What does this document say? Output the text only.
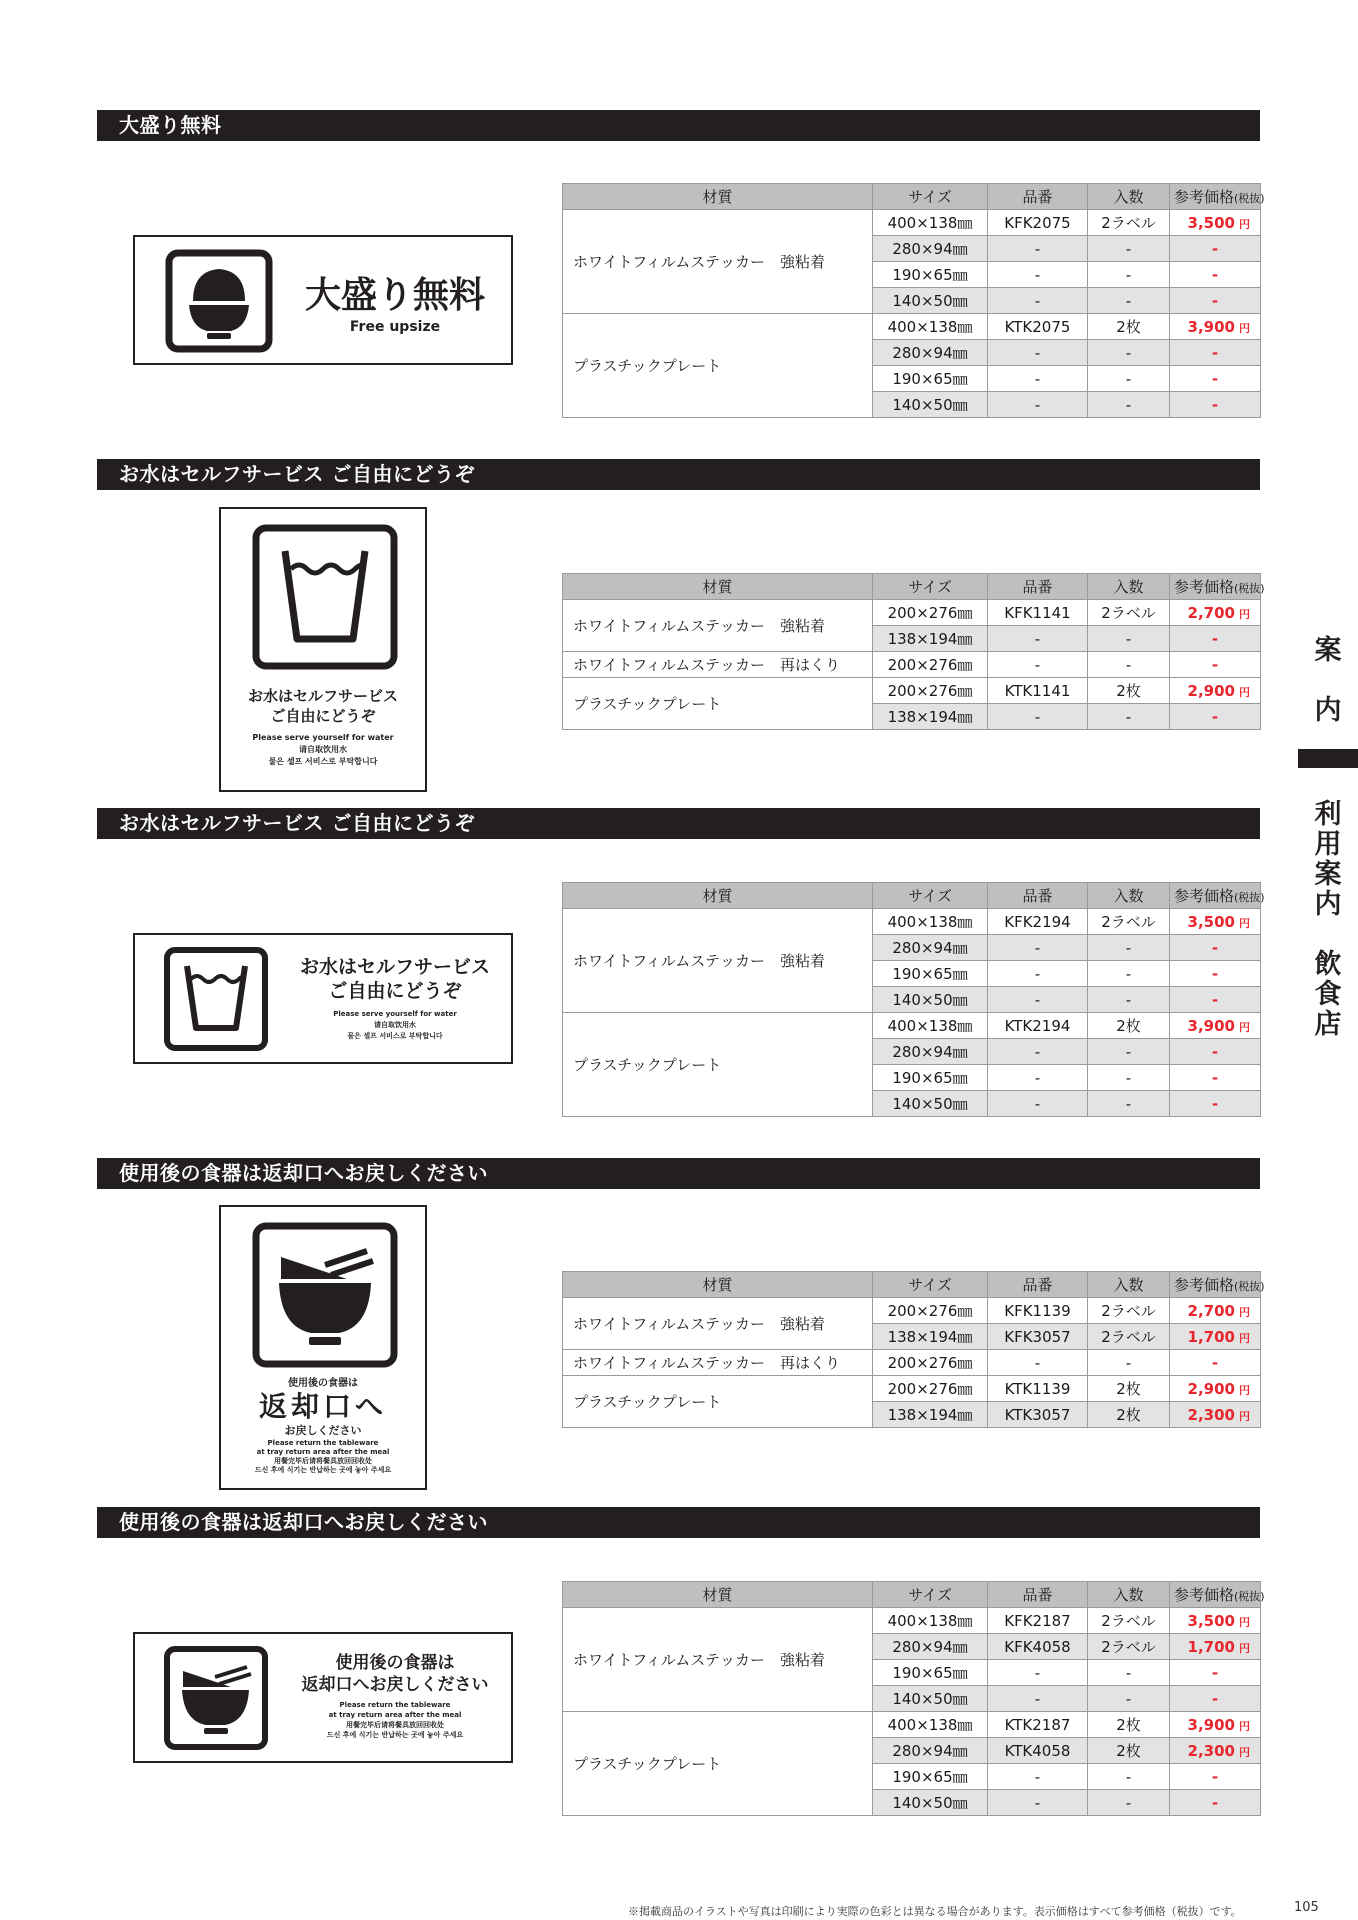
大盛り無料
お水はセルフサービス ご自由にどうぞ
お水はセルフサービス ご自由にどうぞ
使用後の食器は返却口へお戻しください
使用後の食器は返却口へお戻しください
大盛り無料
Free upsize
お水はセルフサービス
ご自由にどうぞ
Please serve yourself for water
请自取饮用水
물은 셀프 서비스로 부탁합니다
お水はセルフサービス
ご自由にどうぞ
Please serve yourself for water
请自取饮用水
물은 셀프 서비스로 부탁합니다
使用後の食器は
返却口へ
お戻しください
Please return the tableware
at tray return area after the meal
用餐完毕后请将餐具放回回收处
드신 후에 식기는 반납하는 곳에 놓아 주세요
使用後の食器は
返却口へお戻しください
Please return the tableware
at tray return area after the meal
用餐完毕后请将餐具放回回收处
드신 후에 식기는 반납하는 곳에 놓아 주세요
材質	サイズ	品番	入数	参考価格(税抜)
ホワイトフィルムステッカー　強粘着	400×138㎜	KFK2075	2ラベル	3,500 円
	280×94㎜	-	-	-
	190×65㎜	-	-	-
	140×50㎜	-	-	-
プラスチックプレート	400×138㎜	KTK2075	2枚	3,900 円
	280×94㎜	-	-	-
	190×65㎜	-	-	-
	140×50㎜	-	-	-
材質	サイズ	品番	入数	参考価格(税抜)
ホワイトフィルムステッカー　強粘着	200×276㎜	KFK1141	2ラベル	2,700 円
	138×194㎜	-	-	-
ホワイトフィルムステッカー　再はくり	200×276㎜	-	-	-
プラスチックプレート	200×276㎜	KTK1141	2枚	2,900 円
	138×194㎜	-	-	-
材質	サイズ	品番	入数	参考価格(税抜)
ホワイトフィルムステッカー　強粘着	400×138㎜	KFK2194	2ラベル	3,500 円
	280×94㎜	-	-	-
	190×65㎜	-	-	-
	140×50㎜	-	-	-
プラスチックプレート	400×138㎜	KTK2194	2枚	3,900 円
	280×94㎜	-	-	-
	190×65㎜	-	-	-
	140×50㎜	-	-	-
材質	サイズ	品番	入数	参考価格(税抜)
ホワイトフィルムステッカー　強粘着	200×276㎜	KFK1139	2ラベル	2,700 円
	138×194㎜	KFK3057	2ラベル	1,700 円
ホワイトフィルムステッカー　再はくり	200×276㎜	-	-	-
プラスチックプレート	200×276㎜	KTK1139	2枚	2,900 円
	138×194㎜	KTK3057	2枚	2,300 円
材質	サイズ	品番	入数	参考価格(税抜)
ホワイトフィルムステッカー　強粘着	400×138㎜	KFK2187	2ラベル	3,500 円
	280×94㎜	KFK4058	2ラベル	1,700 円
	190×65㎜	-	-	-
	140×50㎜	-	-	-
プラスチックプレート	400×138㎜	KTK2187	2枚	3,900 円
	280×94㎜	KTK4058	2枚	2,300 円
	190×65㎜	-	-	-
	140×50㎜	-	-	-
案
内
利
用
案
内

飲
食
店
※掲載商品のイラストや写真は印刷により実際の色彩とは異なる場合があります。表示価格はすべて参考価格（税抜）です。	105
